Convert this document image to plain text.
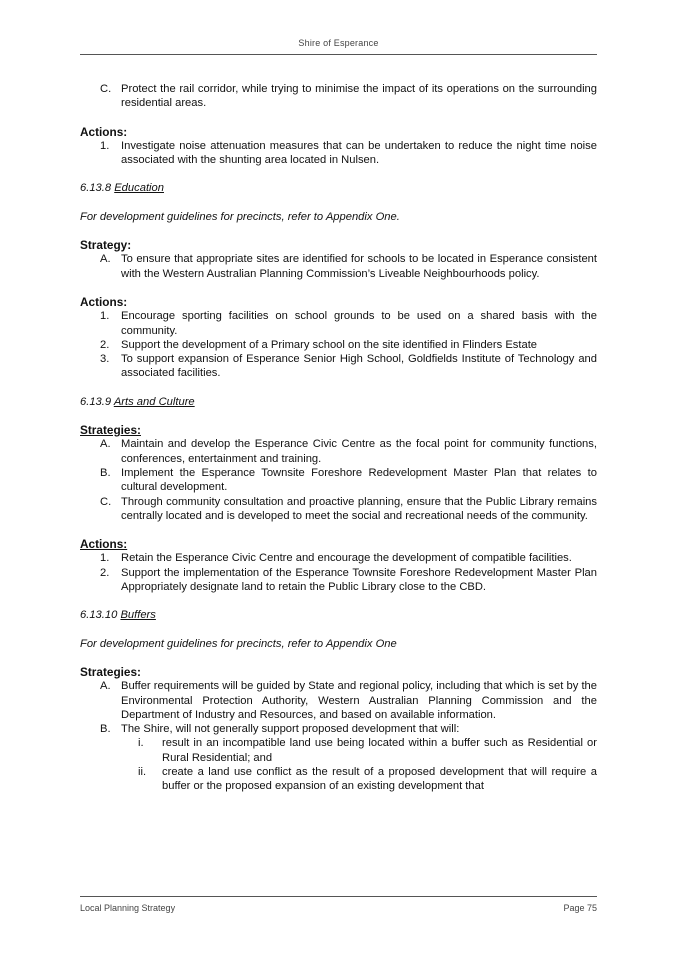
Shire of Esperance
C. Protect the rail corridor, while trying to minimise the impact of its operations on the surrounding residential areas.
Actions:
1. Investigate noise attenuation measures that can be undertaken to reduce the night time noise associated with the shunting area located in Nulsen.
6.13.8 Education
For development guidelines for precincts, refer to Appendix One.
Strategy:
A. To ensure that appropriate sites are identified for schools to be located in Esperance consistent with the Western Australian Planning Commission’s Liveable Neighbourhoods policy.
Actions:
1. Encourage sporting facilities on school grounds to be used on a shared basis with the community.
2. Support the development of a Primary school on the site identified in Flinders Estate
3. To support expansion of Esperance Senior High School, Goldfields Institute of Technology and associated facilities.
6.13.9 Arts and Culture
Strategies:
A. Maintain and develop the Esperance Civic Centre as the focal point for community functions, conferences, entertainment and training.
B. Implement the Esperance Townsite Foreshore Redevelopment Master Plan that relates to cultural development.
C. Through community consultation and proactive planning, ensure that the Public Library remains centrally located and is developed to meet the social and recreational needs of the community.
Actions:
1. Retain the Esperance Civic Centre and encourage the development of compatible facilities.
2. Support the implementation of the Esperance Townsite Foreshore Redevelopment Master Plan Appropriately designate land to retain the Public Library close to the CBD.
6.13.10 Buffers
For development guidelines for precincts, refer to Appendix One
Strategies:
A. Buffer requirements will be guided by State and regional policy, including that which is set by the Environmental Protection Authority, Western Australian Planning Commission and the Department of Industry and Resources, and based on available information.
B. The Shire, will not generally support proposed development that will:
i. result in an incompatible land use being located within a buffer such as Residential or Rural Residential; and
ii. create a land use conflict as the result of a proposed development that will require a buffer or the proposed expansion of an existing development that
Local Planning Strategy	Page 75
